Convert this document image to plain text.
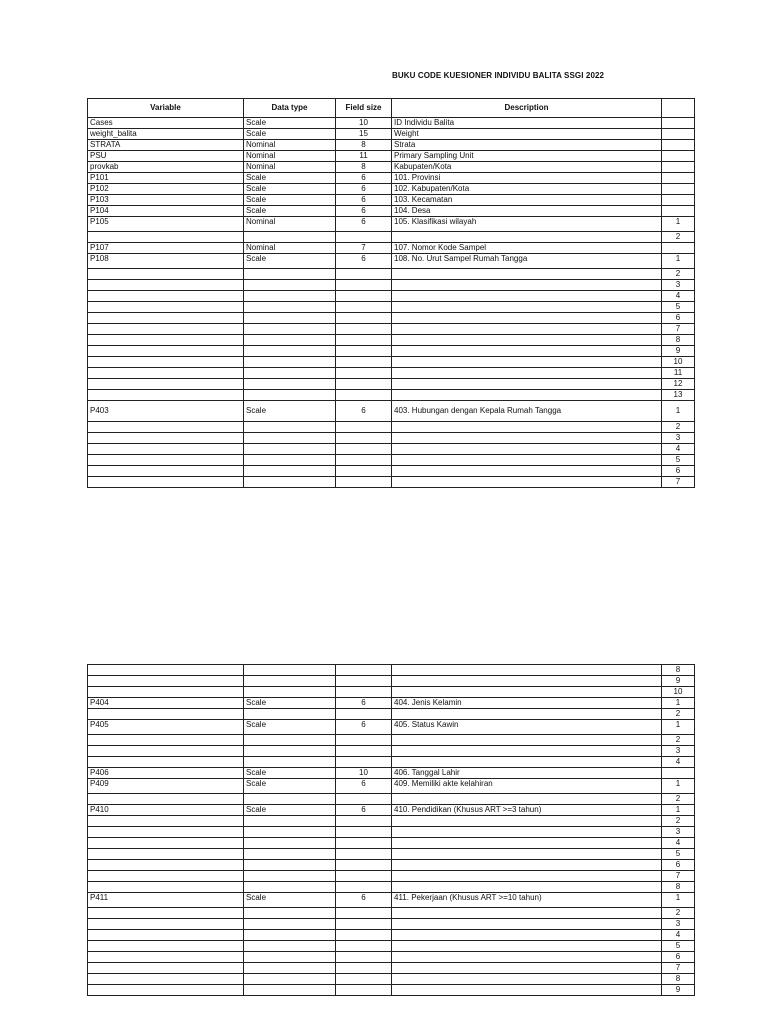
BUKU CODE KUESIONER INDIVIDU BALITA SSGI 2022
Variable	Data type	Field size	Description	
Cases	Scale	10	ID Individu Balita	
weight_balita	Scale	15	Weight	
STRATA	Nominal	8	Strata	
PSU	Nominal	11	Primary Sampling Unit	
provkab	Nominal	8	Kabupaten/Kota	
P101	Scale	6	101. Provinsi	
P102	Scale	6	102. Kabupaten/Kota	
P103	Scale	6	103. Kecamatan	
P104	Scale	6	104. Desa	
P105	Nominal	6	105. Klasifikasi wilayah	1
				2
P107	Nominal	7	107. Nomor Kode Sampel	
P108	Scale	6	108. No. Urut Sampel Rumah Tangga	1
				2
				3
				4
				5
				6
				7
				8
				9
				10
				11
				12
				13
P403	Scale	6	403. Hubungan dengan Kepala Rumah Tangga	1
				2
				3
				4
				5
				6
				7
				8
				9
				10
P404	Scale	6	404. Jenis Kelamin	1
				2
P405	Scale	6	405. Status Kawin	1
				2
				3
				4
P406	Scale	10	406. Tanggal Lahir	
P409	Scale	6	409. Memiliki akte kelahiran	1
				2
P410	Scale	6	410. Pendidikan (Khusus ART >=3 tahun)	1
				2
				3
				4
				5
				6
				7
				8
P411	Scale	6	411. Pekerjaan (Khusus ART >=10 tahun)	1
				2
				3
				4
				5
				6
				7
				8
				9
